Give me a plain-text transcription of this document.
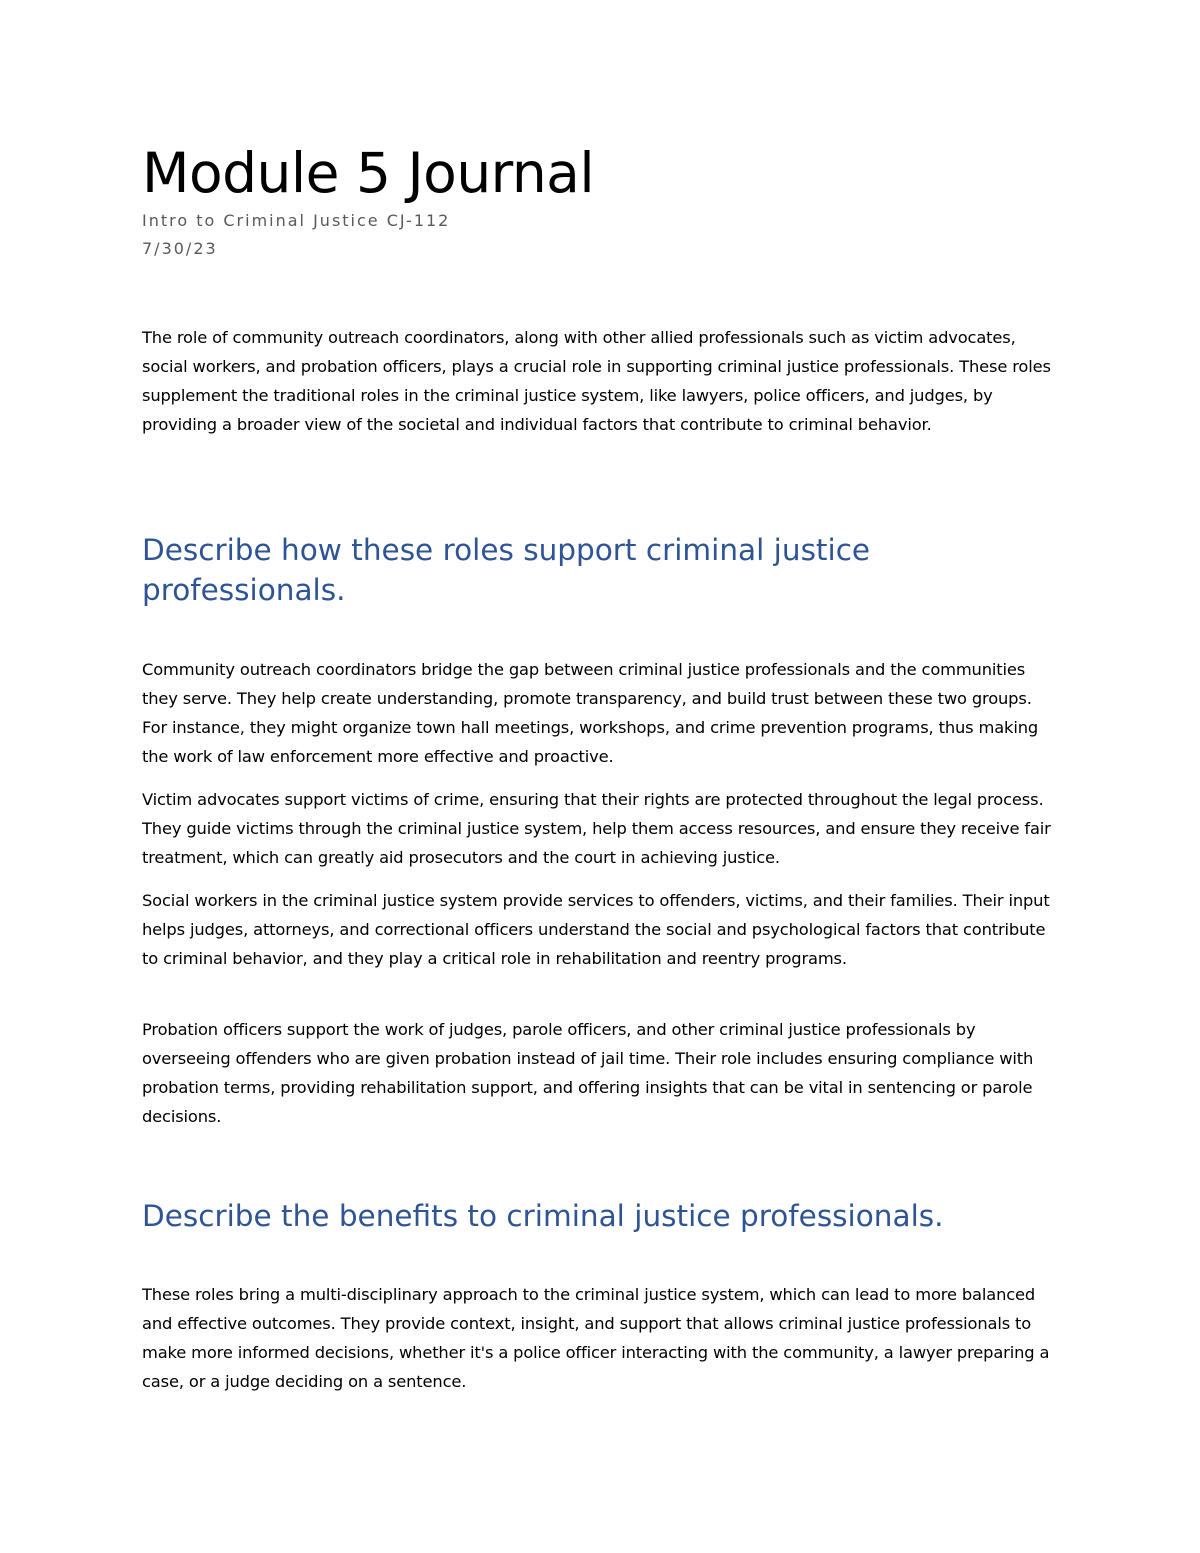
Module 5 Journal

Intro to Criminal Justice CJ-112

7/30/23

The role of community outreach coordinators, along with other allied professionals such as victim advocates, social workers, and probation officers, plays a crucial role in supporting criminal justice professionals. These roles supplement the traditional roles in the criminal justice system, like lawyers, police officers, and judges, by providing a broader view of the societal and individual factors that contribute to criminal behavior.

Describe how these roles support criminal justice professionals.

Community outreach coordinators bridge the gap between criminal justice professionals and the communities they serve. They help create understanding, promote transparency, and build trust between these two groups. For instance, they might organize town hall meetings, workshops, and crime prevention programs, thus making the work of law enforcement more effective and proactive.

Victim advocates support victims of crime, ensuring that their rights are protected throughout the legal process. They guide victims through the criminal justice system, help them access resources, and ensure they receive fair treatment, which can greatly aid prosecutors and the court in achieving justice.

Social workers in the criminal justice system provide services to offenders, victims, and their families. Their input helps judges, attorneys, and correctional officers understand the social and psychological factors that contribute to criminal behavior, and they play a critical role in rehabilitation and reentry programs.

Probation officers support the work of judges, parole officers, and other criminal justice professionals by overseeing offenders who are given probation instead of jail time. Their role includes ensuring compliance with probation terms, providing rehabilitation support, and offering insights that can be vital in sentencing or parole decisions.

Describe the benefits to criminal justice professionals.

These roles bring a multi-disciplinary approach to the criminal justice system, which can lead to more balanced and effective outcomes. They provide context, insight, and support that allows criminal justice professionals to make more informed decisions, whether it's a police officer interacting with the community, a lawyer preparing a case, or a judge deciding on a sentence.
